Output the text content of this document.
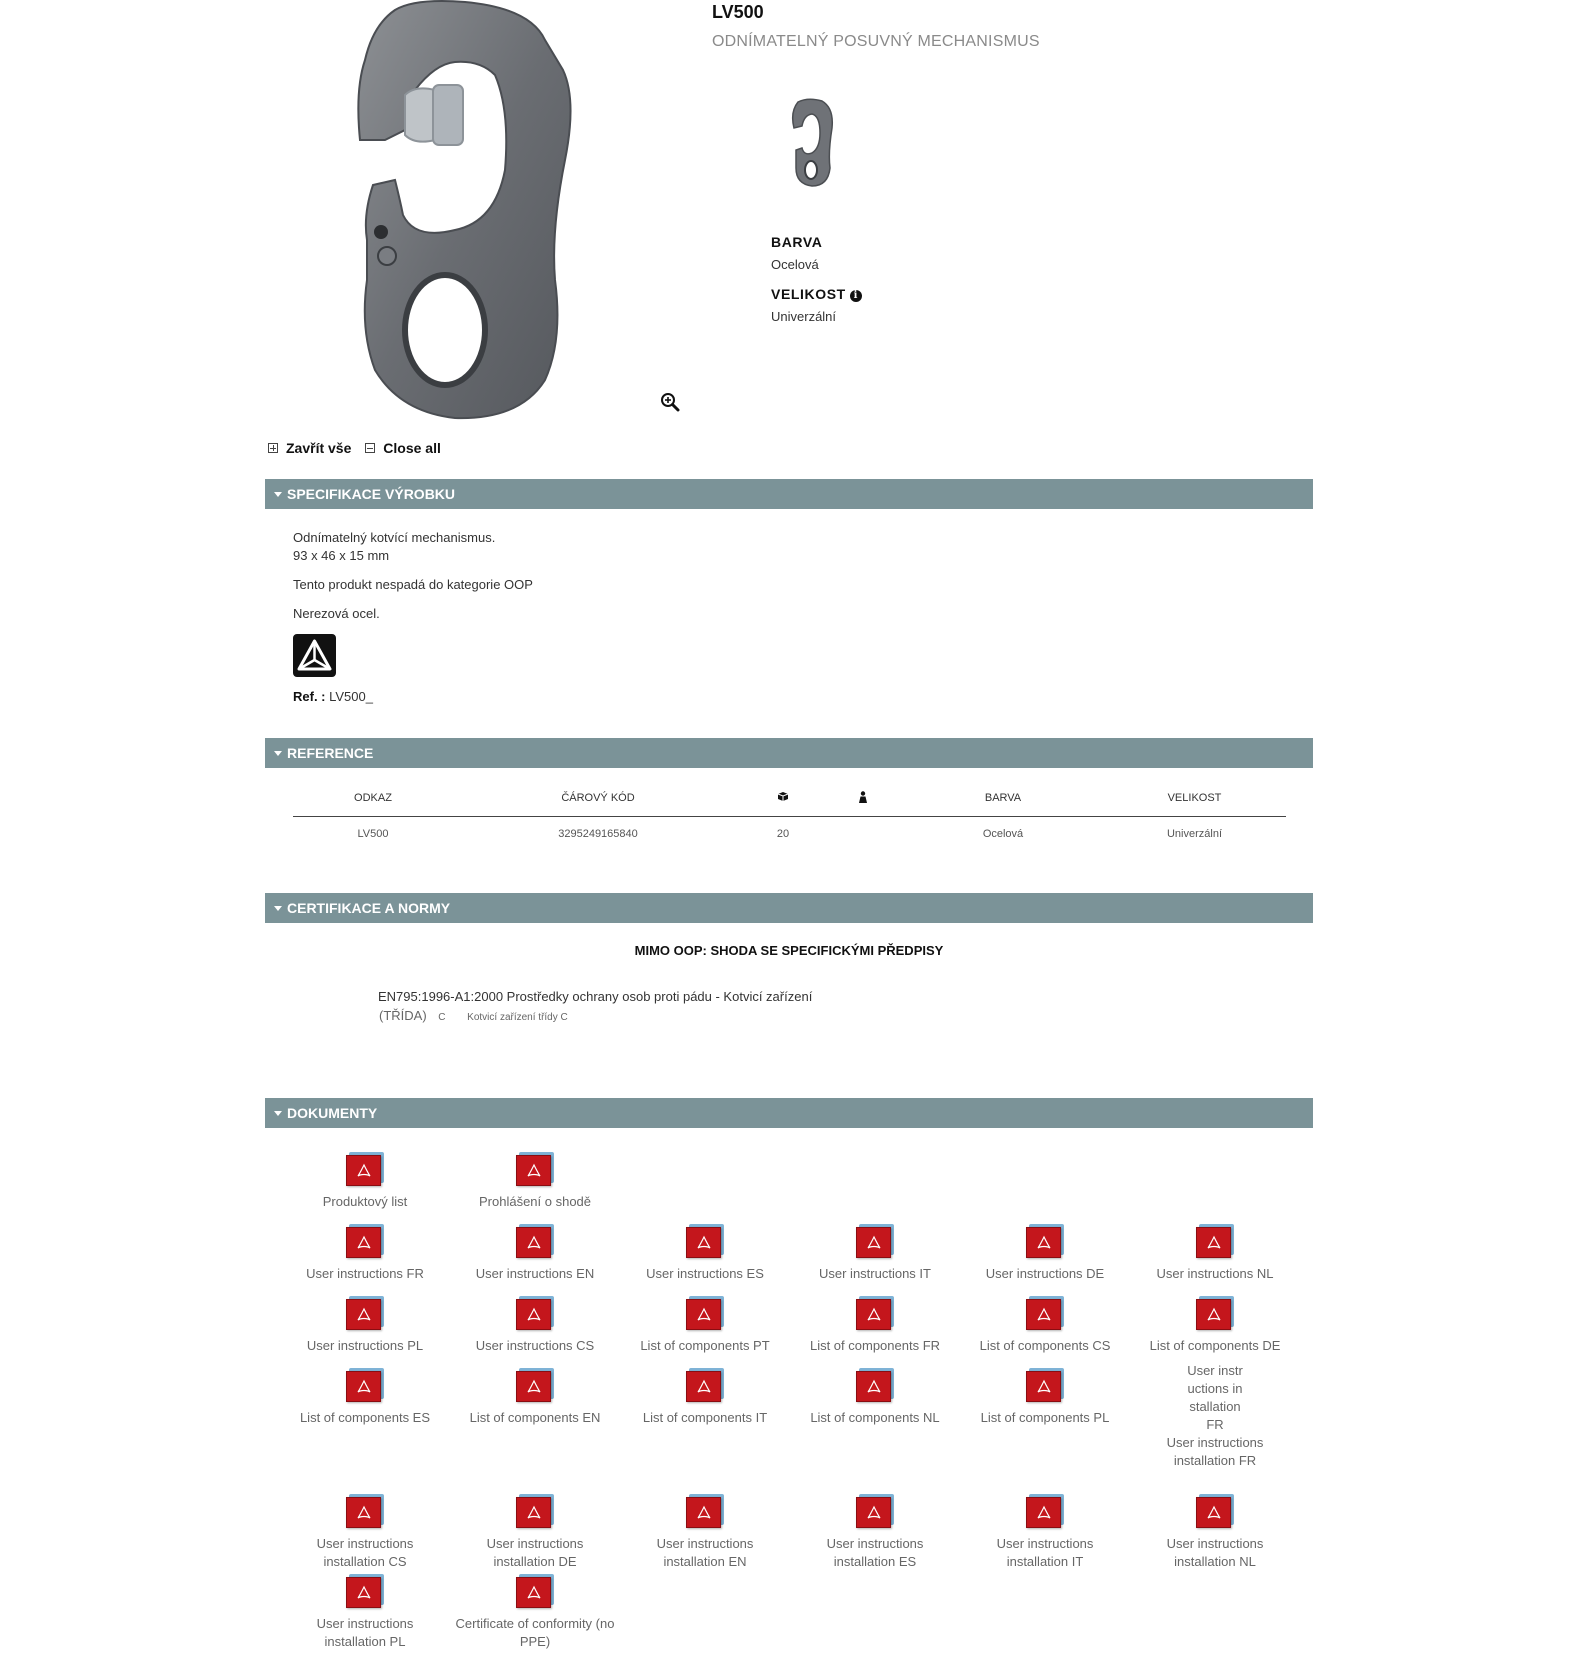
LV500
ODNÍMATELNÝ POSUVNÝ MECHANISMUS
BARVA
Ocelová
VELIKOST i
Univerzální
Zavřít vše
Close all
SPECIFIKACE VÝROBKU
Odnímatelný kotvící mechanismus.
93 x 46 x 15 mm
Tento produkt nespadá do kategorie OOP
Nerezová ocel.
Ref. : LV500_
REFERENCE
ODKAZ	ČÁROVÝ KÓD			BARVA	VELIKOST
LV500	3295249165840	20		Ocelová	Univerzální
CERTIFIKACE A NORMY
MIMO OOP: SHODA SE SPECIFICKÝMI PŘEDPISY
EN795:1996-A1:2000 Prostředky ochrany osob proti pádu - Kotvicí zařízení
(TŘÍDA) C Kotvicí zařízení třídy C
DOKUMENTY
Produktový list	Prohlášení o shodě
User instructions FR	User instructions EN	User instructions ES	User instructions IT	User instructions DE	User instructions NL
User instructions PL	User instructions CS	List of components PT	List of components FR	List of components CS	List of components DE
List of components ES	List of components EN	List of components IT	List of components NL	List of components PL
User instructions installation FR
User instructions installation FR
User instructions installation CS
User instructions installation DE
User instructions installation EN
User instructions installation ES
User instructions installation IT
User instructions installation NL
User instructions installation PL
Certificate of conformity (no PPE)
